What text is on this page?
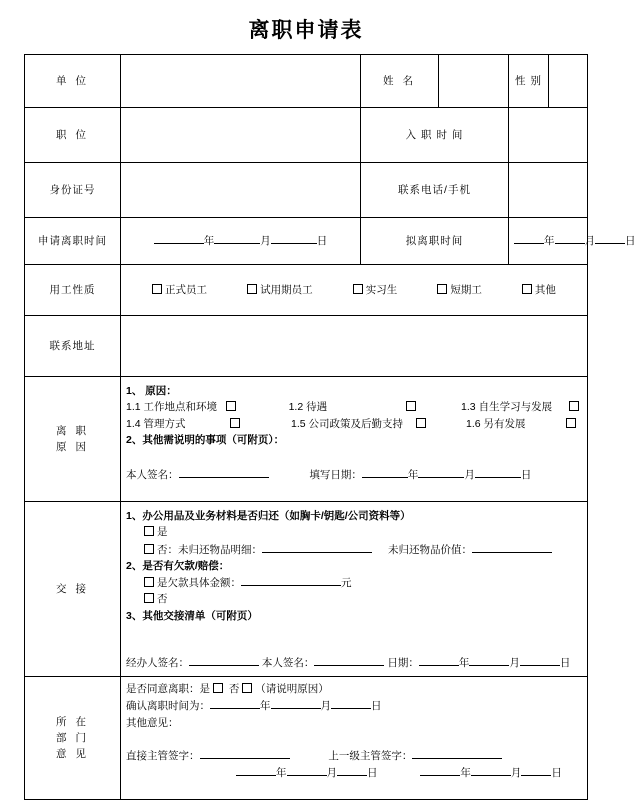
离职申请表
单 位		姓 名		性 别	
职 位		入 职 时 间			
身份证号		联系电话/手机			
申请离职时间	年 月 日	拟离职时间		年 月 日	

用工性质	正式员工 试用期员工 实习生 短期工 其他				

联系地址					

离 职
原 因

1、 原因：
1.1 工作地点和环境	1.2 待遇	1.3 自生学习与发展
1.4 管理方式	1.5 公司政策及后勤支持	1.6 另有发展
2、其他需说明的事项（可附页）：
本人签名：	填写日期：	年	月	日

交 接	
1、办公用品及业务材料是否归还（如胸卡/钥匙/公司资料等）
是
否：未归还物品明细：	未归还物品价值：
2、是否有欠款/赔偿：
是欠款具体金额：	元
否
3、其他交接清单（可附页）
经办人签名：	本人签名：	日期：	年	月	日

所 在
部 门
意 见

是否同意离职：是  否 （请说明原因）
确认离职时间为：	年	月	日
其他意见：
直接主管签字：	上一级主管签字：
年	月	日	年	月	日
